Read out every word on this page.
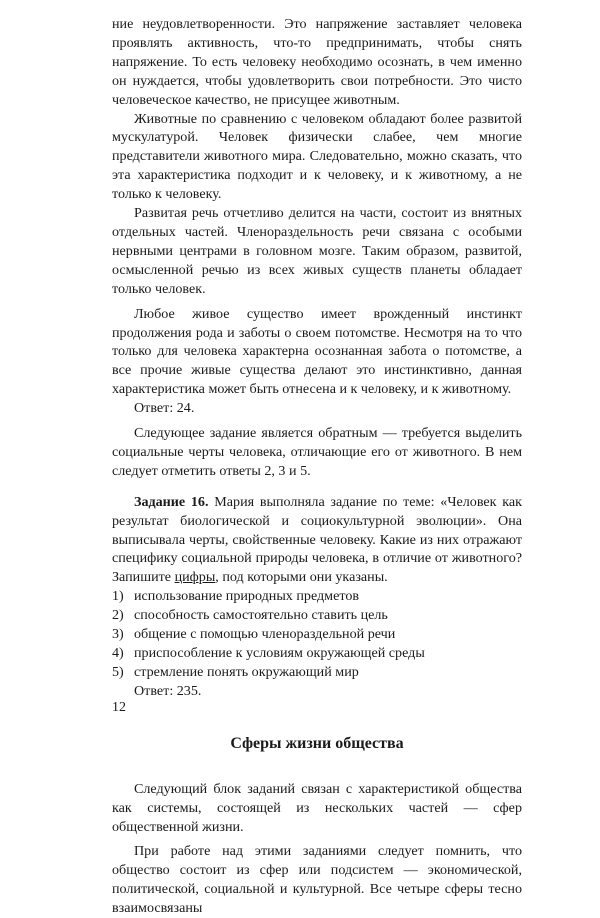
ние неудовлетворенности. Это напряжение заставляет человека проявлять активность, что-то предпринимать, чтобы снять напряжение. То есть человеку необходимо осознать, в чем именно он нуждается, чтобы удовлетворить свои потребности. Это чисто человеческое качество, не присущее животным.

Животные по сравнению с человеком обладают более развитой мускулатурой. Человек физически слабее, чем многие представители животного мира. Следовательно, можно сказать, что эта характеристика подходит и к человеку, и к животному, а не только к человеку.

Развитая речь отчетливо делится на части, состоит из внятных отдельных частей. Членораздельность речи связана с особыми нервными центрами в головном мозге. Таким образом, развитой, осмысленной речью из всех живых существ планеты обладает только человек.

Любое живое существо имеет врожденный инстинкт продолжения рода и заботы о своем потомстве. Несмотря на то что только для человека характерна осознанная забота о потомстве, а все прочие живые существа делают это инстинктивно, данная характеристика может быть отнесена и к человеку, и к животному.

Ответ: 24.

Следующее задание является обратным — требуется выделить социальные черты человека, отличающие его от животного. В нем следует отметить ответы 2, 3 и 5.

Задание 16. Мария выполняла задание по теме: «Человек как результат биологической и социокультурной эволюции». Она выписывала черты, свойственные человеку. Какие из них отражают специфику социальной природы человека, в отличие от животного? Запишите цифры, под которыми они указаны.

1) использование природных предметов
2) способность самостоятельно ставить цель
3) общение с помощью членораздельной речи
4) приспособление к условиям окружающей среды
5) стремление понять окружающий мир

Ответ: 235.

Сферы жизни общества

Следующий блок заданий связан с характеристикой общества как системы, состоящей из нескольких частей — сфер общественной жизни.

При работе над этими заданиями следует помнить, что общество состоит из сфер или подсистем — экономической, политической, социальной и культурной. Все четыре сферы тесно взаимосвязаны

12
